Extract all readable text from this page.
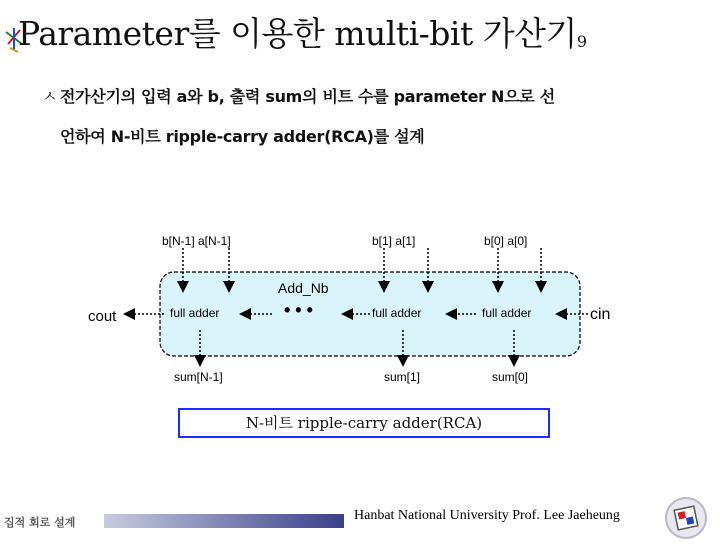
Parameter를 이용한 multi-bit 가산기9
ㅅ 전가산기의 입력 a와 b, 출력 sum의 비트 수를 parameter N으로 선
언하여 N-비트 ripple-carry adder(RCA)를 설계
b[N-1] a[N-1]	b[1] a[1]	b[0] a[0]
Add_Nb
full adder	• • •	full adder	full adder
cout	cin
sum[N-1]	sum[1]	sum[0]
N-비트 ripple-carry adder(RCA)
집적 회로 설계	Hanbat National University Prof. Lee Jaeheung
